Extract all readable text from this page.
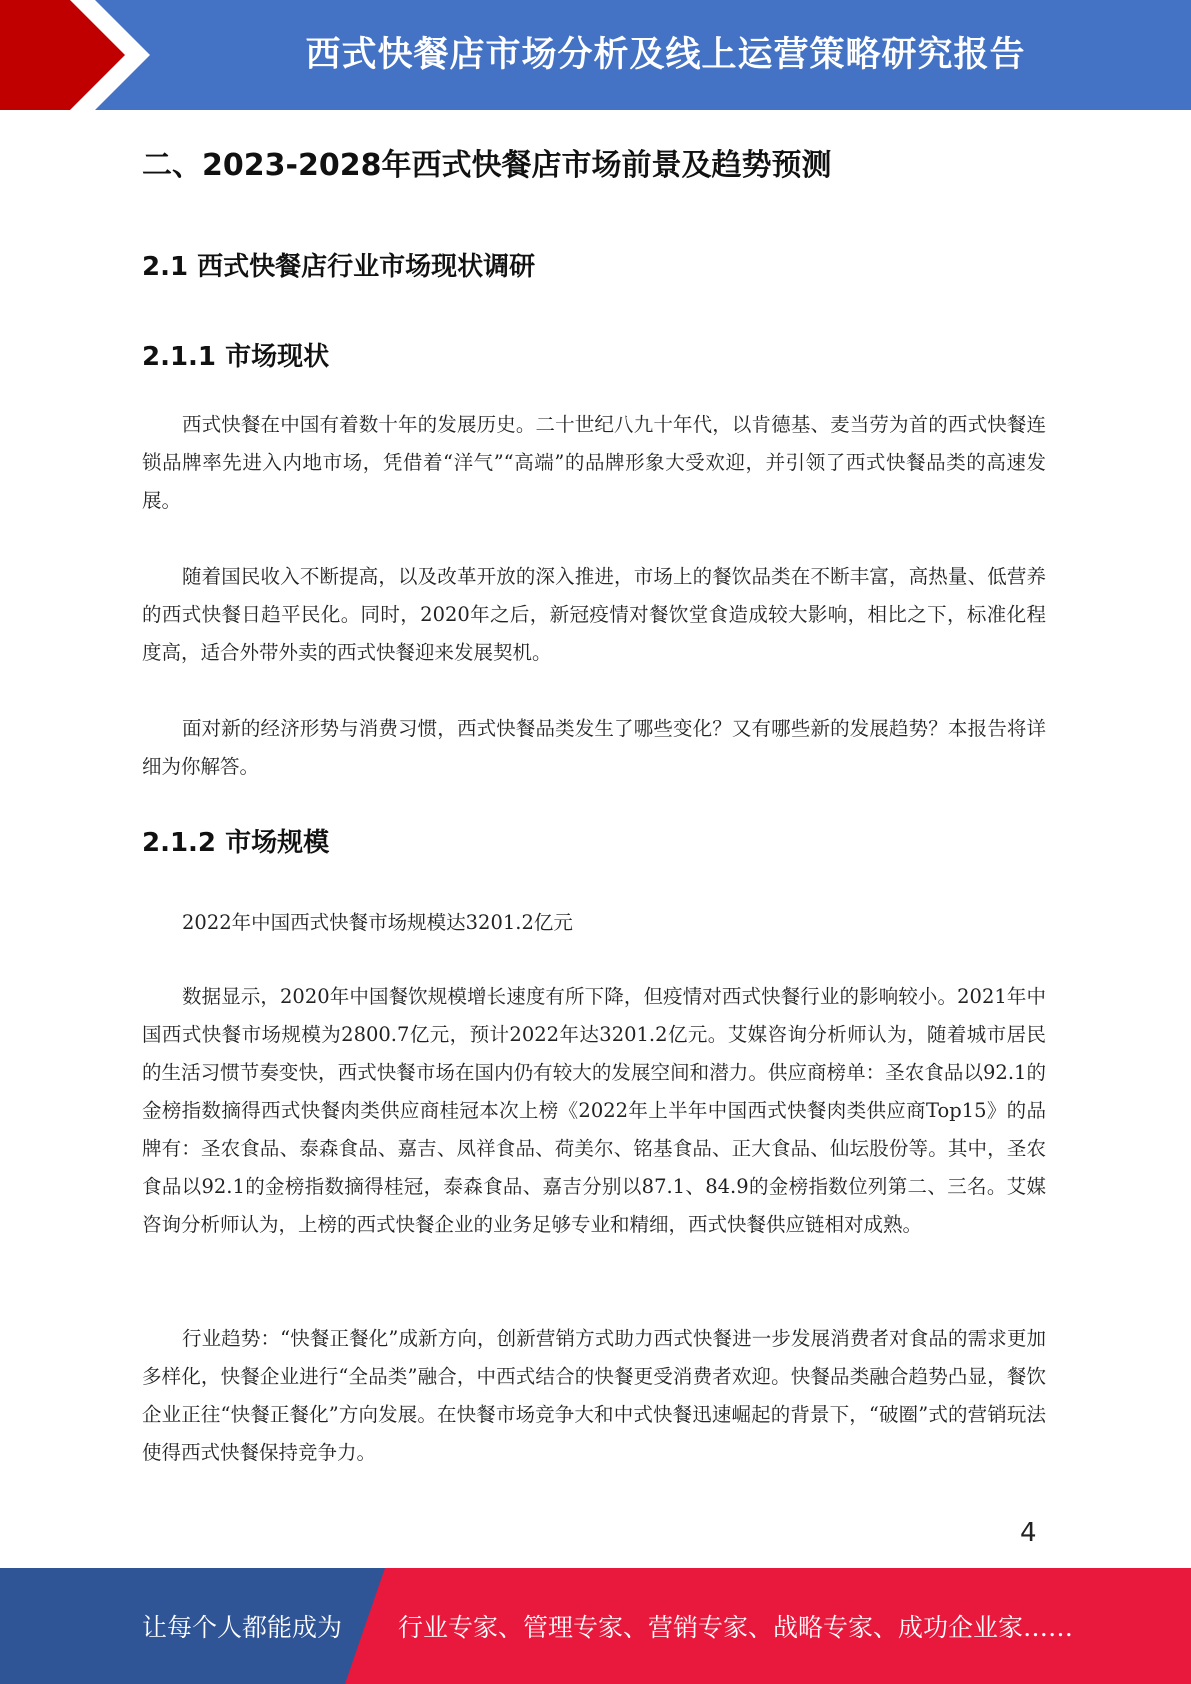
西式快餐店市场分析及线上运营策略研究报告
二、2023-2028年西式快餐店市场前景及趋势预测
2.1 西式快餐店行业市场现状调研
2.1.1 市场现状

西式快餐在中国有着数十年的发展历史。二十世纪八九十年代，以肯德基、麦当劳为首的西式快餐连锁品牌率先进入内地市场，凭借着“洋气”“高端”的品牌形象大受欢迎，并引领了西式快餐品类的高速发展。

随着国民收入不断提高，以及改革开放的深入推进，市场上的餐饮品类在不断丰富，高热量、低营养的西式快餐日趋平民化。同时，2020年之后，新冠疫情对餐饮堂食造成较大影响，相比之下，标准化程度高，适合外带外卖的西式快餐迎来发展契机。

面对新的经济形势与消费习惯，西式快餐品类发生了哪些变化？又有哪些新的发展趋势？本报告将详细为你解答。

2.1.2 市场规模

2022年中国西式快餐市场规模达3201.2亿元

数据显示，2020年中国餐饮规模增长速度有所下降，但疫情对西式快餐行业的影响较小。2021年中国西式快餐市场规模为2800.7亿元，预计2022年达3201.2亿元。艾媒咨询分析师认为，随着城市居民的生活习惯节奏变快，西式快餐市场在国内仍有较大的发展空间和潜力。供应商榜单：圣农食品以92.1的金榜指数摘得西式快餐肉类供应商桂冠本次上榜《2022年上半年中国西式快餐肉类供应商Top15》的品牌有：圣农食品、泰森食品、嘉吉、凤祥食品、荷美尔、铭基食品、正大食品、仙坛股份等。其中，圣农食品以92.1的金榜指数摘得桂冠，泰森食品、嘉吉分别以87.1、84.9的金榜指数位列第二、三名。艾媒咨询分析师认为，上榜的西式快餐企业的业务足够专业和精细，西式快餐供应链相对成熟。

行业趋势：“快餐正餐化”成新方向，创新营销方式助力西式快餐进一步发展消费者对食品的需求更加多样化，快餐企业进行“全品类”融合，中西式结合的快餐更受消费者欢迎。快餐品类融合趋势凸显，餐饮企业正往“快餐正餐化”方向发展。在快餐市场竞争大和中式快餐迅速崛起的背景下，“破圈”式的营销玩法使得西式快餐保持竞争力。

4
让每个人都能成为 行业专家、管理专家、营销专家、战略专家、成功企业家……
